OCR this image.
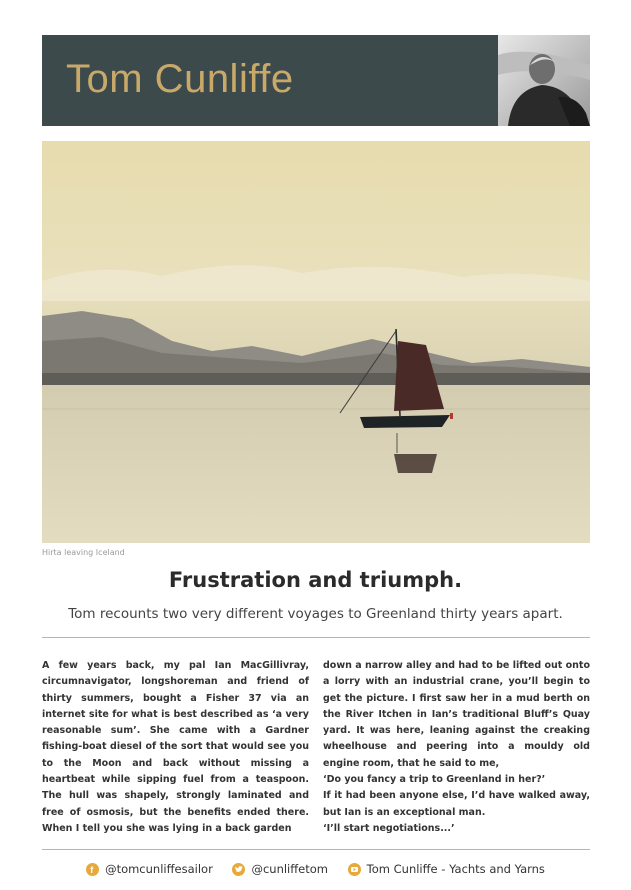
Tom Cunliffe
Hirta leaving Iceland
Frustration and triumph.
Tom recounts two very different voyages to Greenland thirty years apart.

A few years back, my pal Ian MacGillivray, circumnavigator, longshoreman and friend of thirty summers, bought a Fisher 37 via an internet site for what is best described as ‘a very reasonable sum’. She came with a Gardner fishing-boat diesel of the sort that would see you to the Moon and back without missing a heartbeat while sipping fuel from a teaspoon. The hull was shapely, strongly laminated and free of osmosis, but the benefits ended there. When I tell you she was lying in a back garden

down a narrow alley and had to be lifted out onto a lorry with an industrial crane, you’ll begin to get the picture. I first saw her in a mud berth on the River Itchen in Ian’s traditional Bluff’s Quay yard. It was here, leaning against the creaking wheelhouse and peering into a mouldy old engine room, that he said to me,

‘Do you fancy a trip to Greenland in her?’

If it had been anyone else, I’d have walked away, but Ian is an exceptional man.

‘I’ll start negotiations...’

f @tomcunliffesailor
	@cunliffetom
	Tom Cunliffe - Yachts and Yarns
